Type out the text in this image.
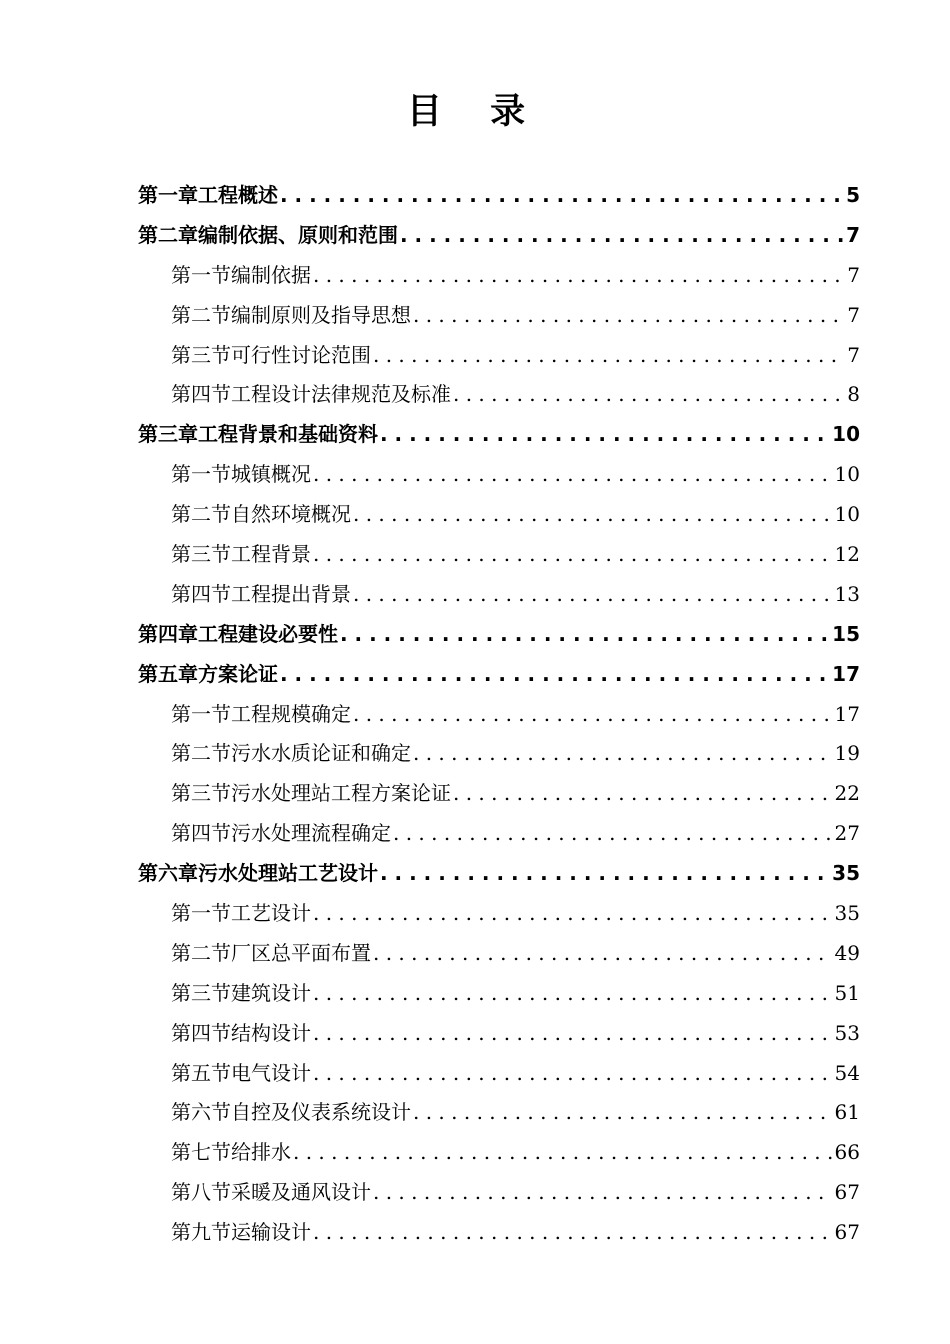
目 录
第一章 工程概述 . . .	5
第二章 编制依据、原则和范围 . . .	7
第一节 编制依据 . . .	7
第二节 编制原则及指导思想 . . .	7
第三节 可行性讨论范围 . . .	7
第四节 工程设计法律规范及标准 . . .	8
第三章 工程背景和基础资料 . . .	10
第一节 城镇概况 . . .	10
第二节 自然环境概况 . . .	10
第三节 工程背景 . . .	12
第四节 工程提出背景 . . .	13
第四章 工程建设必要性 . . .	15
第五章 方案论证 . . .	17
第一节 工程规模确定 . . .	17
第二节 污水水质论证和确定 . . .	19
第三节 污水处理站工程方案论证 . . .	22
第四节 污水处理流程确定 . . .	27
第六章 污水处理站工艺设计 . . .	35
第一节 工艺设计 . . .	35
第二节 厂区总平面布置 . . .	49
第三节 建筑设计 . . .	51
第四节 结构设计 . . .	53
第五节 电气设计 . . .	54
第六节 自控及仪表系统设计 . . .	61
第七节 给排水 . . .	66
第八节 采暖及通风设计 . . .	67
第九节 运输设计 . . .	67
